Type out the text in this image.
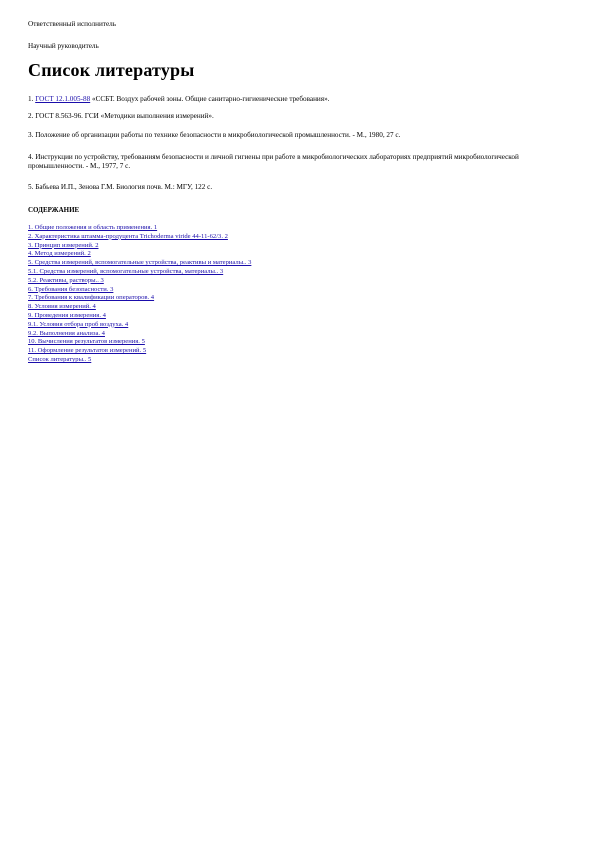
Ответственный исполнитель
Научный руководитель
Список литературы

1. ГОСТ 12.1.005-88 «ССБТ. Воздух рабочей зоны. Общие санитарно-гигиенические требования».

2. ГОСТ 8.563-96. ГСИ «Методики выполнения измерений».

3. Положение об организации работы по технике безопасности в микробиологической промышленности. - М., 1980, 27 с.

4. Инструкции по устройству, требованиям безопасности и личной гигиены при работе в микробиологических лабораториях предприятий микробиологической промышленности. - М., 1977, 7 с.

5. Бабьева И.П., Зенова Г.М. Биология почв. М.: МГУ, 122 с.

СОДЕРЖАНИЕ
1. Общие положения и область применения. 1
2. Характеристика штамма-продуцента Trichoderma viride 44-11-62/3. 2
3. Принцип измерений. 2
4. Метод измерений. 2
5. Средства измерений, вспомогательные устройства, реактивы и материалы.. 3
5.1. Средства измерений, вспомогательные устройства, материалы.. 3
5.2. Реактивы, растворы.. 3
6. Требования безопасности. 3
7. Требования к квалификации операторов. 4
8. Условия измерений. 4
9. Проведения измерения. 4
9.1. Условия отбора проб воздуха. 4
9.2. Выполнения анализа. 4
10. Вычисления результатов измерения. 5
11. Оформление результатов измерений. 5
Список литературы.. 5
